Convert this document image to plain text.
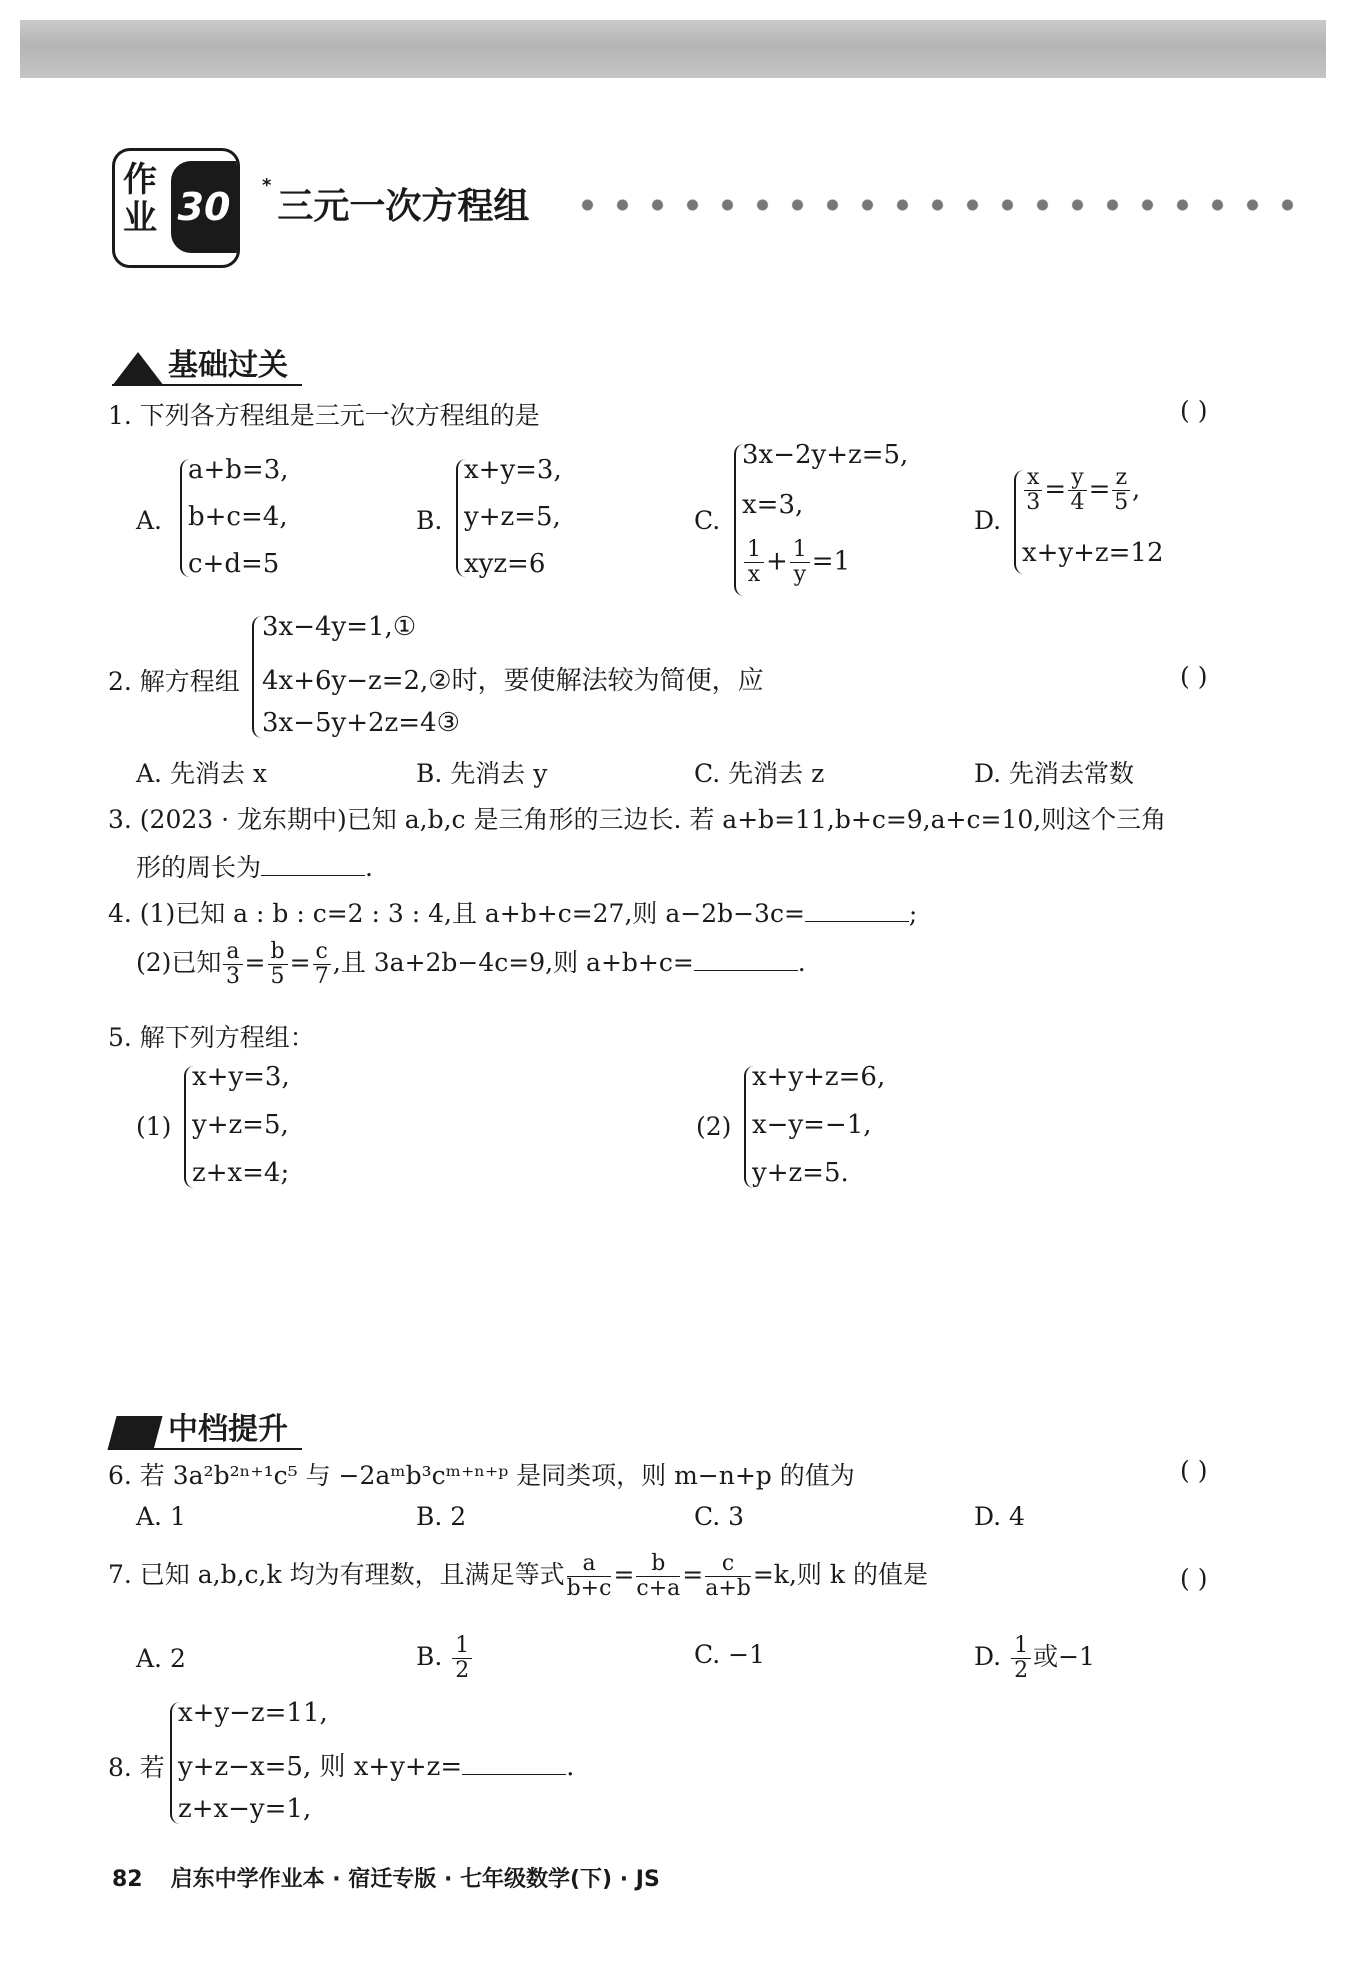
作
业 30	*三元一次方程组
基础过关
1. 下列各方程组是三元一次方程组的是	( )
A.
a+b=3,
b+c=4,
c+d=5
B.
x+y=3,
y+z=5,
xyz=6
C.
3x−2y+z=5,
x=3,
$\frac{1}{x} + \frac{1}{y} =1$
D.
$\frac{x}{3} = \frac{y}{4} = \frac{z}{5}$ ,
x+y+z=12
2. 解方程组
3x−4y=1,①
4x+6y−z=2,②时，要使解法较为简便，应
3x−5y+2z=4③
( )
A. 先消去 x	B. 先消去 y	C. 先消去 z	D. 先消去常数
3. (2023 · 龙东期中)已知 a,b,c 是三角形的三边长. 若 a+b=11,b+c=9,a+c=10,则这个三角
形的周长为	.
4. (1)已知 a : b : c=2 : 3 : 4,且 a+b+c=27,则 a−2b−3c=	;
(2)已知 $\frac{a}{3} = \frac{b}{5} = \frac{c}{7}$ ,且 3a+2b−4c=9,则 a+b+c=	.
5. 解下列方程组：
(1)
x+y=3,
y+z=5,
z+x=4;
(2)
x+y+z=6,
x−y=−1,
y+z=5.
中档提升
6. 若 3a²b²ⁿ⁺¹c⁵ 与 −2aᵐb³cᵐ⁺ⁿ⁺ᵖ 是同类项，则 m−n+p 的值为	( )
A. 1	B. 2	C. 3	D. 4
7. 已知 a,b,c,k 均为有理数，且满足等式 $\frac{a}{b+c} = \frac{b}{c+a} = \frac{c}{a+b} =k$,则 k 的值是	( )
A. 2	B. $\frac{1}{2}$	C. −1	D. $\frac{1}{2}$ 或−1
8. 若
x+y−z=11,
y+z−x=5, 则 x+y+z=	.
z+x−y=1,
82 启东中学作业本 · 宿迁专版 · 七年级数学(下) · JS
